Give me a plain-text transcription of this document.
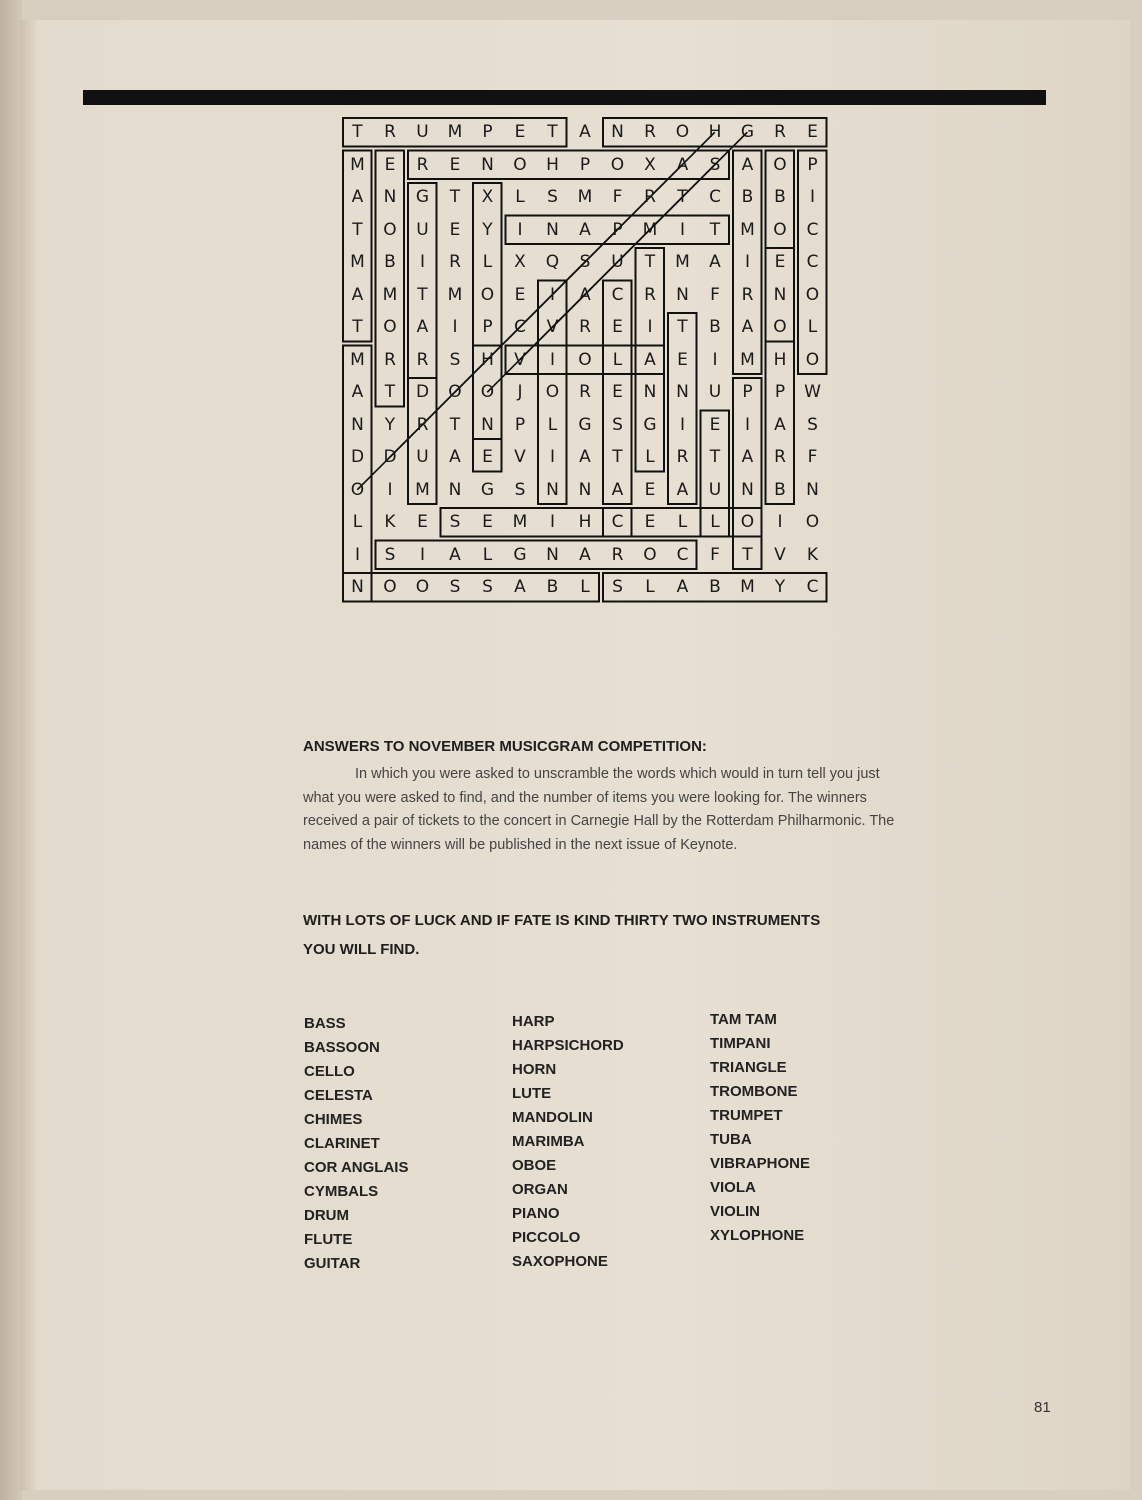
T	R	U	M	P	E	T	A	N	R	O	H	G	R	E
M	E	R	E	N	O	H	P	O	X	A	S	A	O	P
A	N	G	T	X	L	S	M	F	R	T	C	B	B	I
T	O	U	E	Y	I	N	A	P	M	I	T	M	O	C
M	B	I	R	L	X	Q	S	U	T	M	A	I	E	C
A	M	T	M	O	E	I	A	C	R	N	F	R	N	O
T	O	A	I	P	C	V	R	E	I	T	B	A	O	L
M	R	R	S	H	V	I	O	L	A	E	I	M	H	O
A	T	D	O	O	J	O	R	E	N	N	U	P	P	W
N	Y	R	T	N	P	L	G	S	G	I	E	I	A	S
D	D	U	A	E	V	I	A	T	L	R	T	A	R	F
O	I	M	N	G	S	N	N	A	E	A	U	N	B	N
L	K	E	S	E	M	I	H	C	E	L	L	O	I	O
I	S	I	A	L	G	N	A	R	O	C	F	T	V	K
N	O	O	S	S	A	B	L	S	L	A	B	M	Y	C

ANSWERS TO NOVEMBER MUSICGRAM COMPETITION:

In which you were asked to unscramble the words which would in turn tell you just what you were asked to find, and the number of items you were looking for. The winners received a pair of tickets to the concert in Carnegie Hall by the Rotterdam Philharmonic. The names of the winners will be published in the next issue of Keynote.

WITH LOTS OF LUCK AND IF FATE IS KIND THIRTY TWO INSTRUMENTS YOU WILL FIND.
BASS
BASSOON
CELLO
CELESTA
CHIMES
CLARINET
COR ANGLAIS
CYMBALS
DRUM
FLUTE
GUITAR
HARP
HARPSICHORD
HORN
LUTE
MANDOLIN
MARIMBA
OBOE
ORGAN
PIANO
PICCOLO
SAXOPHONE
TAM TAM
TIMPANI
TRIANGLE
TROMBONE
TRUMPET
TUBA
VIBRAPHONE
VIOLA
VIOLIN
XYLOPHONE
81
